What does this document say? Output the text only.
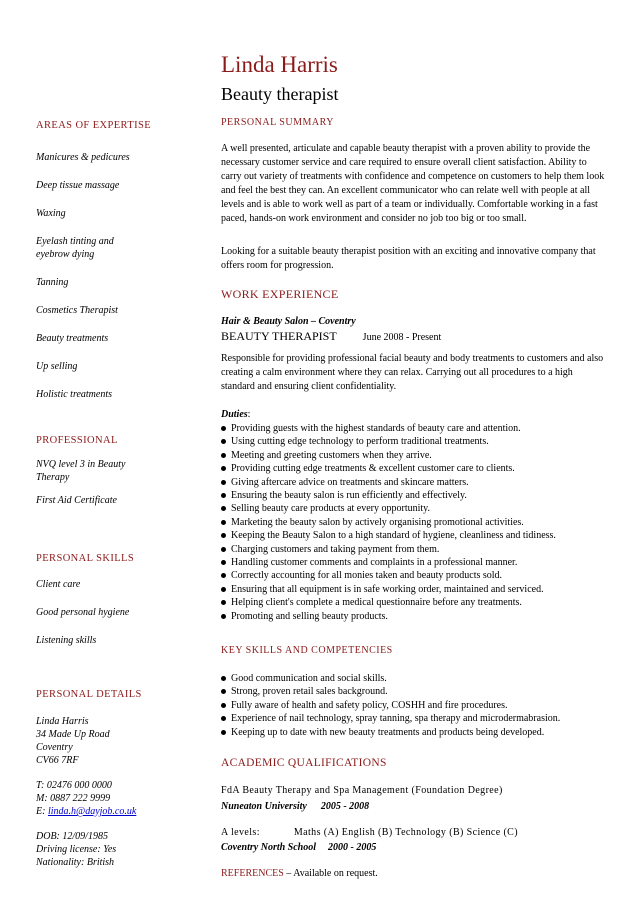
Linda Harris
Beauty therapist
AREAS OF EXPERTISE
Manicures & pedicures
Deep tissue massage
Waxing
Eyelash tinting and eyebrow dying
Tanning
Cosmetics Therapist
Beauty treatments
Up selling
Holistic treatments
PROFESSIONAL
NVQ level 3 in Beauty Therapy
First Aid Certificate
PERSONAL SKILLS
Client care
Good personal hygiene
Listening skills
PERSONAL DETAILS
Linda Harris
34 Made Up Road
Coventry
CV66 7RF
T: 02476 000 0000
M: 0887 222 9999
E: linda.h@dayjob.co.uk
DOB: 12/09/1985
Driving license: Yes
Nationality: British
PERSONAL SUMMARY
A well presented, articulate and capable beauty therapist with a proven ability to provide the necessary customer service and care required to ensure overall client satisfaction. Ability to carry out variety of treatments with confidence and competence on customers to help them look and feel the best they can. An excellent communicator who can relate well with people at all levels and is able to work well as part of a team or individually. Comfortable working in a fast paced, hands-on work environment and consider no job too big or too small.
Looking for a suitable beauty therapist position with an exciting and innovative company that offers room for progression.
WORK EXPERIENCE
Hair & Beauty Salon – Coventry
BEAUTY THERAPIST	June 2008 - Present
Responsible for providing professional facial beauty and body treatments to customers and also creating a calm environment where they can relax. Carrying out all procedures to a high standard and ensuring client confidentiality.
Duties:
Providing guests with the highest standards of beauty care and attention.
Using cutting edge technology to perform traditional treatments.
Meeting and greeting customers when they arrive.
Providing cutting edge treatments & excellent customer care to clients.
Giving aftercare advice on treatments and skincare matters.
Ensuring the beauty salon is run efficiently and effectively.
Selling beauty care products at every opportunity.
Marketing the beauty salon by actively organising promotional activities.
Keeping the Beauty Salon to a high standard of hygiene, cleanliness and tidiness.
Charging customers and taking payment from them.
Handling customer comments and complaints in a professional manner.
Correctly accounting for all monies taken and beauty products sold.
Ensuring that all equipment is in safe working order, maintained and serviced.
Helping client's complete a medical questionnaire before any treatments.
Promoting and selling beauty products.
KEY SKILLS AND COMPETENCIES
Good communication and social skills.
Strong, proven retail sales background.
Fully aware of health and safety policy, COSHH and fire procedures.
Experience of nail technology, spray tanning, spa therapy and microdermabrasion.
Keeping up to date with new beauty treatments and products being developed.
ACADEMIC QUALIFICATIONS
FdA Beauty Therapy and Spa Management (Foundation Degree)
Nuneaton University 2005 - 2008
A levels:	Maths (A) English (B) Technology (B) Science (C)
Coventry North School 2000 - 2005
REFERENCES – Available on request.
